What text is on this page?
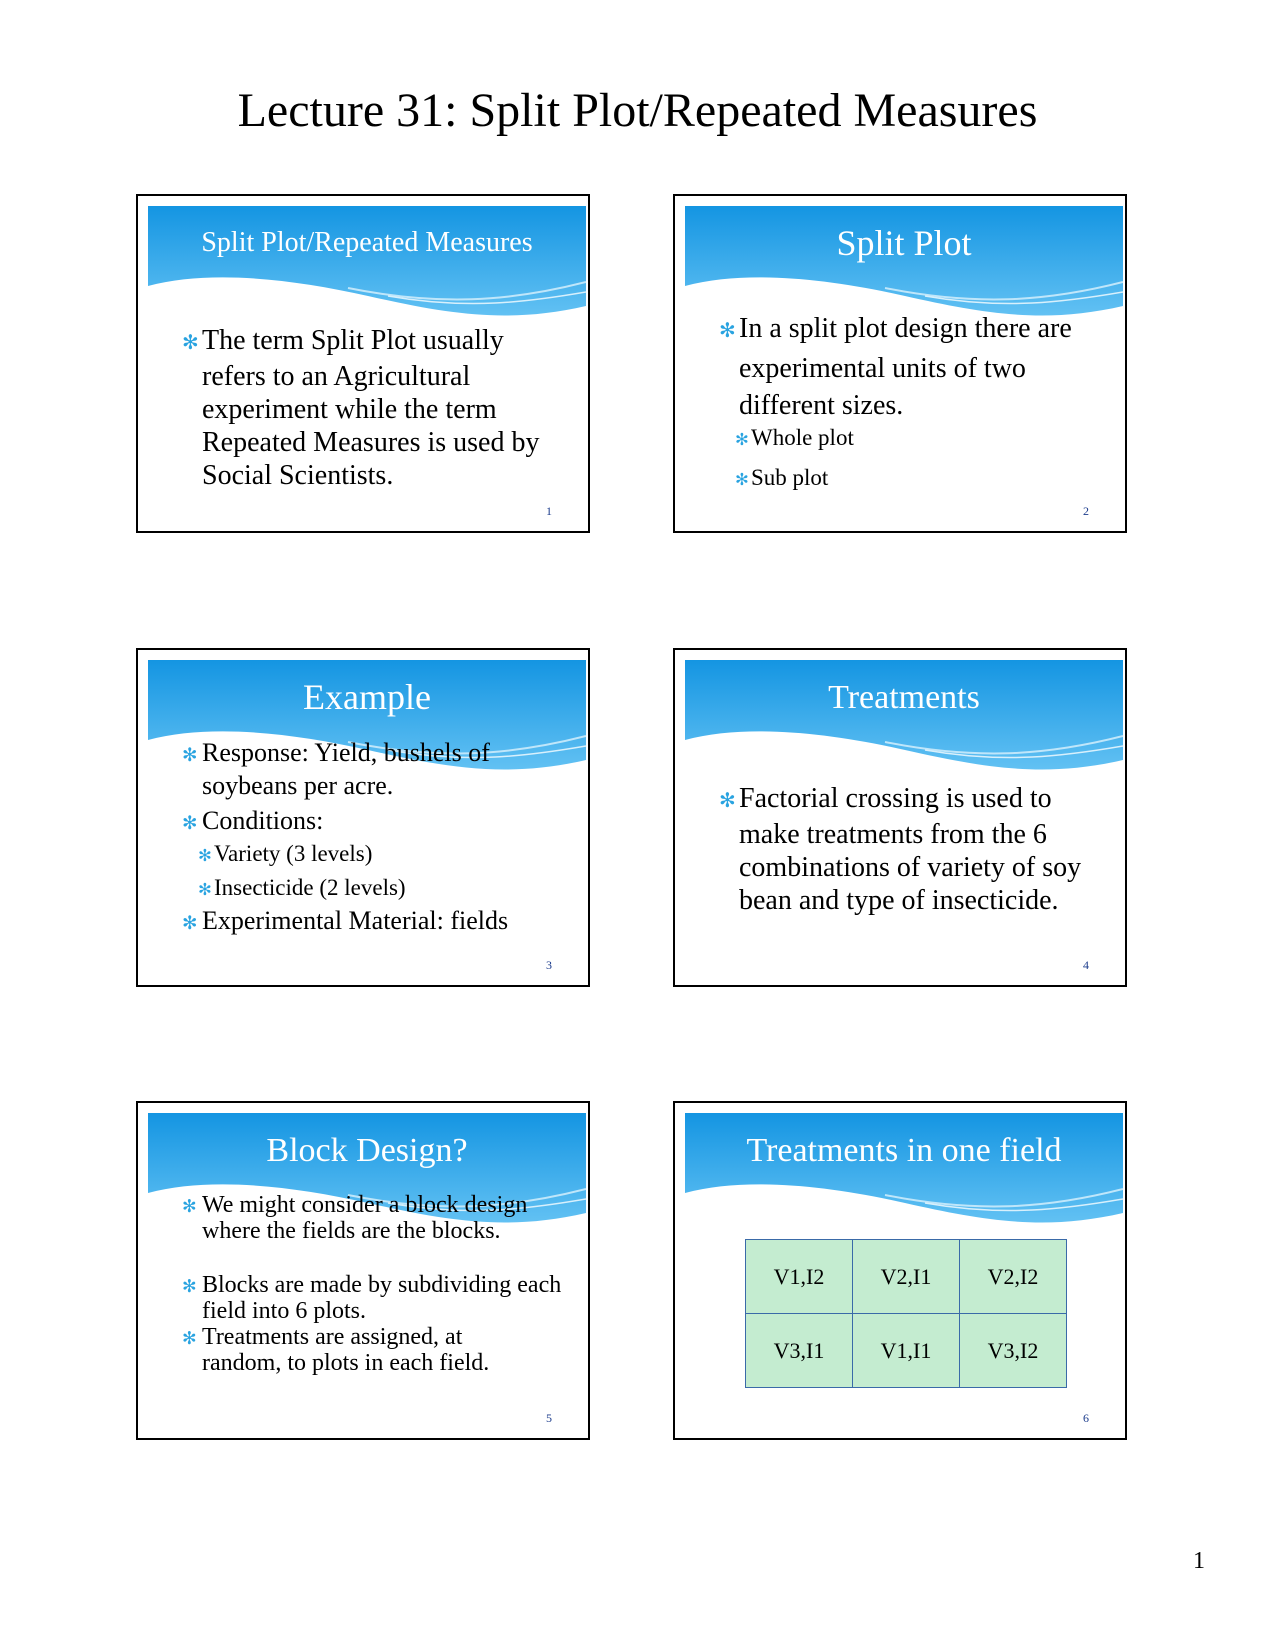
Lecture 31: Split Plot/Repeated Measures
Split Plot/Repeated Measures
✻ The term Split Plot usually refers to an Agricultural experiment while the term Repeated Measures is used by Social Scientists.
1
Split Plot
✻ In a split plot design there are experimental units of two different sizes.
✻Whole plot
✻Sub plot
2
Example
✻ Response: Yield, bushels of soybeans per acre.
✻ Conditions:
✻Variety (3 levels)
✻Insecticide (2 levels)
✻ Experimental Material: fields
3
Treatments
✻ Factorial crossing is used to make treatments from the 6 combinations of variety of soy bean and type of insecticide.
4
Block Design?
✻ We might consider a block design where the fields are the blocks.
✻ Blocks are made by subdividing each field into 6 plots.
✻ Treatments are assigned, at random, to plots in each field.
5
Treatments in one field
V1,I2	V2,I1	V2,I2
V3,I1	V1,I1	V3,I2
6
1
